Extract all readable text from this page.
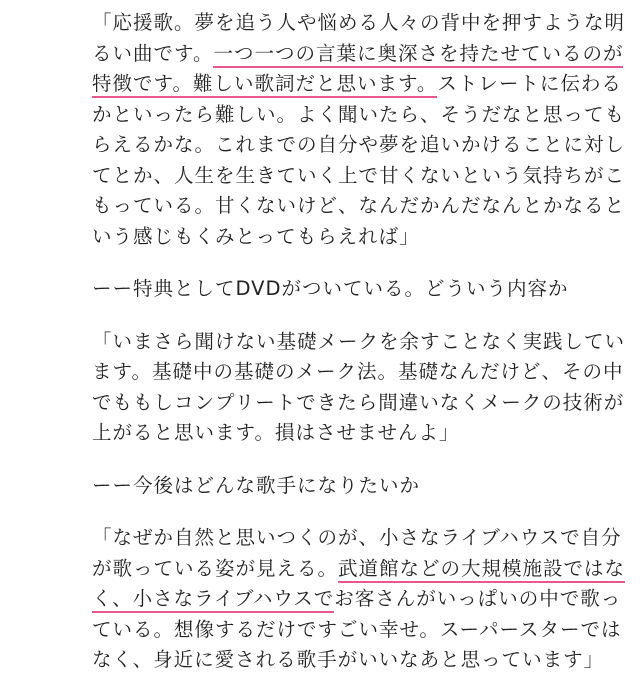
「応援歌。夢を追う人や悩める人々の背中を押すような明
るい曲です。一つ一つの言葉に奥深さを持たせているのが
特徴です。難しい歌詞だと思います。ストレートに伝わる
かといったら難しい。よく聞いたら、そうだなと思っても
らえるかな。これまでの自分や夢を追いかけることに対し
てとか、人生を生きていく上で甘くないという気持ちがこ
もっている。甘くないけど、なんだかんだなんとかなると
いう感じもくみとってもらえれば」

ーー特典としてDVDがついている。どういう内容か

「いまさら聞けない基礎メークを余すことなく実践してい
ます。基礎中の基礎のメーク法。基礎なんだけど、その中
でももしコンプリートできたら間違いなくメークの技術が
上がると思います。損はさせませんよ」

ーー今後はどんな歌手になりたいか

「なぜか自然と思いつくのが、小さなライブハウスで自分
が歌っている姿が見える。武道館などの大規模施設ではな
く、小さなライブハウスでお客さんがいっぱいの中で歌っ
ている。想像するだけですごい幸せ。スーパースターでは
なく、身近に愛される歌手がいいなあと思っています」
